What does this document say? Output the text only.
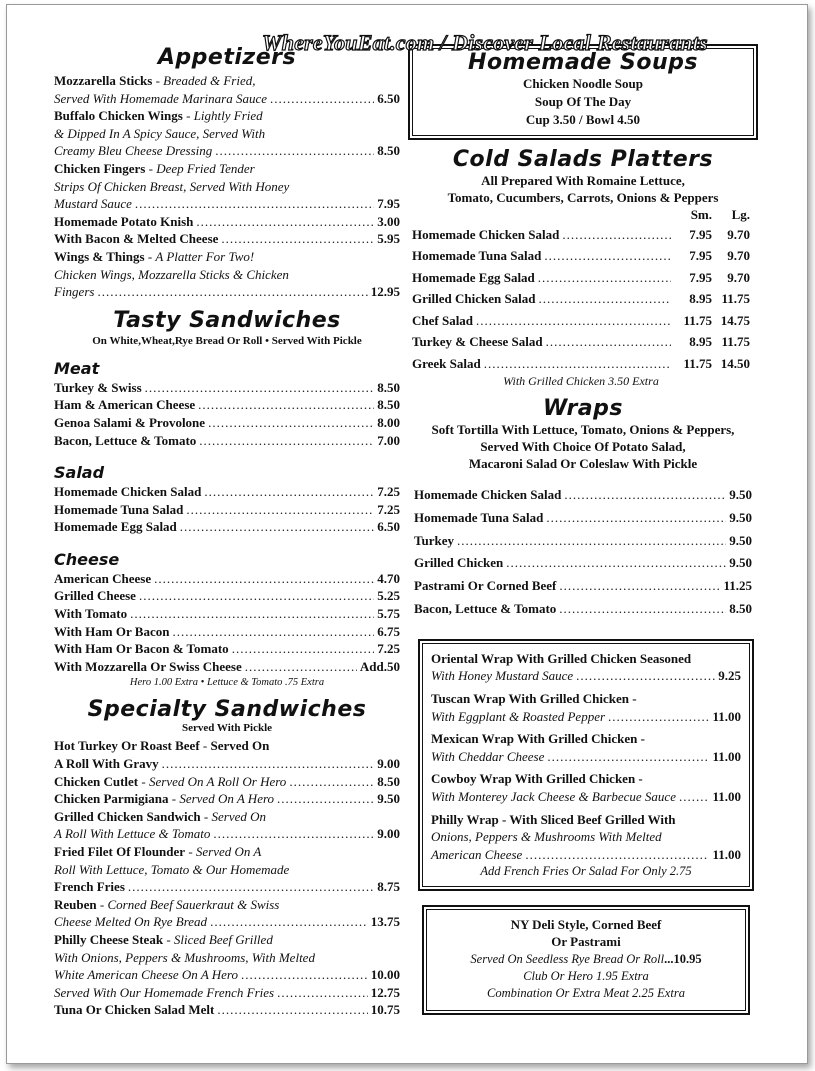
WhereYouEat.com / Discover Local Restaurants
Appetizers
Mozzarella Sticks - Breaded & Fried,
Served With Homemade Marinara Sauce .....	6.50
Buffalo Chicken Wings - Lightly Fried
& Dipped In A Spicy Sauce, Served With
Creamy Bleu Cheese Dressing .....	8.50
Chicken Fingers - Deep Fried Tender
Strips Of Chicken Breast, Served With Honey
Mustard Sauce .....	7.95
Homemade Potato Knish .....	3.00
With Bacon & Melted Cheese .....	5.95
Wings & Things - A Platter For Two!
Chicken Wings, Mozzarella Sticks & Chicken
Fingers .....	12.95
Tasty Sandwiches
On White,Wheat,Rye Bread Or Roll • Served With Pickle
Meat
Turkey & Swiss .....	8.50
Ham & American Cheese .....	8.50
Genoa Salami & Provolone .....	8.00
Bacon, Lettuce & Tomato .....	7.00
Salad
Homemade Chicken Salad .....	7.25
Homemade Tuna Salad .....	7.25
Homemade Egg Salad .....	6.50
Cheese
American Cheese .....	4.70
Grilled Cheese .....	5.25
With Tomato .....	5.75
With Ham Or Bacon .....	6.75
With Ham Or Bacon & Tomato .....	7.25
With Mozzarella Or Swiss Cheese .....	Add.50
Hero 1.00 Extra • Lettuce & Tomato .75 Extra
Specialty Sandwiches
Served With Pickle
Hot Turkey Or Roast Beef - Served On
A Roll With Gravy .....	9.00
Chicken Cutlet - Served On A Roll Or Hero .....	8.50
Chicken Parmigiana - Served On A Hero .....	9.50
Grilled Chicken Sandwich - Served On
A Roll With Lettuce & Tomato .....	9.00
Fried Filet Of Flounder - Served On A
Roll With Lettuce, Tomato & Our Homemade
French Fries .....	8.75
Reuben - Corned Beef Sauerkraut & Swiss
Cheese Melted On Rye Bread .....	13.75
Philly Cheese Steak - Sliced Beef Grilled
With Onions, Peppers & Mushrooms, With Melted
White American Cheese On A Hero .....	10.00
Served With Our Homemade French Fries .....	12.75
Tuna Or Chicken Salad Melt .....	10.75
Homemade Soups
Chicken Noodle Soup
Soup Of The Day
Cup 3.50 / Bowl 4.50
Cold Salads Platters
All Prepared With Romaine Lettuce,
Tomato, Cucumbers, Carrots, Onions & Peppers
Sm.	Lg.
Homemade Chicken Salad .....	7.95	9.70
Homemade Tuna Salad .....	7.95	9.70
Homemade Egg Salad .....	7.95	9.70
Grilled Chicken Salad .....	8.95 11.75
Chef Salad .....	11.75 14.75
Turkey & Cheese Salad .....	8.95 11.75
Greek Salad .....	11.75 14.50
With Grilled Chicken 3.50 Extra
Wraps
Soft Tortilla With Lettuce, Tomato, Onions & Peppers,
Served With Choice Of Potato Salad,
Macaroni Salad Or Coleslaw With Pickle
Homemade Chicken Salad .....	9.50
Homemade Tuna Salad .....	9.50
Turkey .....	9.50
Grilled Chicken .....	9.50
Pastrami Or Corned Beef .....	11.25
Bacon, Lettuce & Tomato .....	8.50
Oriental Wrap With Grilled Chicken Seasoned
With Honey Mustard Sauce .....	9.25
Tuscan Wrap With Grilled Chicken -
With Eggplant & Roasted Pepper .....	11.00
Mexican Wrap With Grilled Chicken -
With Cheddar Cheese .....	11.00
Cowboy Wrap With Grilled Chicken -
With Monterey Jack Cheese & Barbecue Sauce .....	11.00
Philly Wrap - With Sliced Beef Grilled With
Onions, Peppers & Mushrooms With Melted
American Cheese .....	11.00
Add French Fries Or Salad For Only 2.75
NY Deli Style, Corned Beef
Or Pastrami
Served On Seedless Rye Bread Or Roll...10.95
Club Or Hero 1.95 Extra
Combination Or Extra Meat 2.25 Extra
